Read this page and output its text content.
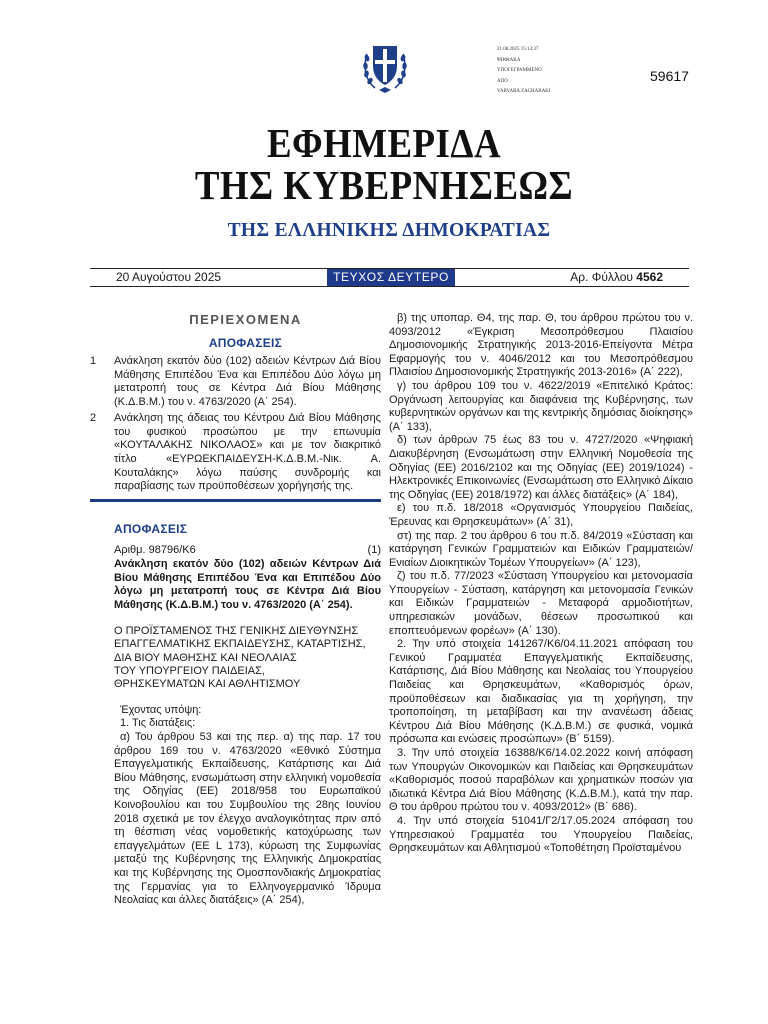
21.08.2025 15:13:37
ΨΗΦΙΑΚΑ
ΥΠΟΓΕΓΡΑΜΜΕΝΟ
ΑΠΟ
VARVARA ZACHARAKI
59617
ΕΦΗΜΕΡΙΔΑ
ΤΗΣ ΚΥΒΕΡΝΗΣΕΩΣ
ΤΗΣ ΕΛΛΗΝΙΚΗΣ ΔΗΜΟΚΡΑΤΙΑΣ
20 Αυγούστου 2025	ΤΕΥΧΟΣ ΔΕΥΤΕΡΟ	Αρ. Φύλλου 4562
ΠΕΡΙΕΧΟΜΕΝΑ
ΑΠΟΦΑΣΕΙΣ
1 Ανάκληση εκατόν δύο (102) αδειών Κέντρων Διά Βίου Μάθησης Επιπέδου Ένα και Επιπέδου Δύο λόγω μη μετατροπή τους σε Κέντρα Διά Βίου Μάθησης (Κ.Δ.Β.Μ.) του ν. 4763/2020 (Α΄ 254).
2 Ανάκληση της άδειας του Κέντρου Διά Βίου Μάθησης του φυσικού προσώπου με την επωνυμία «ΚΟΥΤΑΛΑΚΗΣ ΝΙΚΟΛΑΟΣ» και με τον διακριτικό τίτλο «ΕΥΡΩΕΚΠΑΙΔΕΥΣΗ-Κ.Δ.Β.Μ.-Νικ. Α. Κουταλάκης» λόγω παύσης συνδρομής και παραβίασης των προϋποθέσεων χορήγησής της.
ΑΠΟΦΑΣΕΙΣ
Αριθμ. 98796/Κ6	(1)
Ανάκληση εκατόν δύο (102) αδειών Κέντρων Διά Βίου Μάθησης Επιπέδου Ένα και Επιπέδου Δύο λόγω μη μετατροπή τους σε Κέντρα Διά Βίου Μάθησης (Κ.Δ.Β.Μ.) του ν. 4763/2020 (Α΄ 254).
Ο ΠΡΟΪΣΤΑΜΕΝΟΣ ΤΗΣ ΓΕΝΙΚΗΣ ΔΙΕΥΘΥΝΣΗΣ
ΕΠΑΓΓΕΛΜΑΤΙΚΗΣ ΕΚΠΑΙΔΕΥΣΗΣ, ΚΑΤΑΡΤΙΣΗΣ,
ΔΙΑ ΒΙΟΥ ΜΑΘΗΣΗΣ ΚΑΙ ΝΕΟΛΑΙΑΣ
ΤΟΥ ΥΠΟΥΡΓΕΙΟΥ ΠΑΙΔΕΙΑΣ,
ΘΡΗΣΚΕΥΜΑΤΩΝ ΚΑΙ ΑΘΛΗΤΙΣΜΟΥ
Έχοντας υπόψη:
1. Τις διατάξεις:
α) Του άρθρου 53 και της περ. α) της παρ. 17 του άρθρου 169 του ν. 4763/2020 «Εθνικό Σύστημα Επαγγελματικής Εκπαίδευσης, Κατάρτισης και Διά Βίου Μάθησης, ενσωμάτωση στην ελληνική νομοθεσία της Οδηγίας (ΕΕ) 2018/958 του Ευρωπαϊκού Κοινοβουλίου και του Συμβουλίου της 28ης Ιουνίου 2018 σχετικά με τον έλεγχο αναλογικότητας πριν από τη θέσπιση νέας νομοθετικής κατοχύρωσης των επαγγελμάτων (ΕΕ L 173), κύρωση της Συμφωνίας μεταξύ της Κυβέρνησης της Ελληνικής Δημοκρατίας και της Κυβέρνησης της Ομοσπονδιακής Δημοκρατίας της Γερμανίας για το Ελληνογερμανικό Ίδρυμα Νεολαίας και άλλες διατάξεις» (Α΄ 254),
β) της υποπαρ. Θ4, της παρ. Θ, του άρθρου πρώτου του ν. 4093/2012 «Έγκριση Μεσοπρόθεσμου Πλαισίου Δημοσιονομικής Στρατηγικής 2013-2016-Επείγοντα Μέτρα Εφαρμογής του ν. 4046/2012 και του Μεσοπρόθεσμου Πλαισίου Δημοσιονομικής Στρατηγικής 2013-2016» (Α΄ 222),
γ) του άρθρου 109 του ν. 4622/2019 «Επιτελικό Κράτος: Οργάνωση λειτουργίας και διαφάνεια της Κυβέρνησης, των κυβερνητικών οργάνων και της κεντρικής δημόσιας διοίκησης» (Α΄ 133),
δ) των άρθρων 75 έως 83 του ν. 4727/2020 «Ψηφιακή Διακυβέρνηση (Ενσωμάτωση στην Ελληνική Νομοθεσία της Οδηγίας (ΕΕ) 2016/2102 και της Οδηγίας (ΕΕ) 2019/1024) - Ηλεκτρονικές Επικοινωνίες (Ενσωμάτωση στο Ελληνικό Δίκαιο της Οδηγίας (ΕΕ) 2018/1972) και άλλες διατάξεις» (Α΄ 184),
ε) του π.δ. 18/2018 «Οργανισμός Υπουργείου Παιδείας, Έρευνας και Θρησκευμάτων» (Α΄ 31),
στ) της παρ. 2 του άρθρου 6 του π.δ. 84/2019 «Σύσταση και κατάργηση Γενικών Γραμματειών και Ειδικών Γραμματειών/Ενιαίων Διοικητικών Τομέων Υπουργείων» (Α΄ 123),
ζ) του π.δ. 77/2023 «Σύσταση Υπουργείου και μετονομασία Υπουργείων - Σύσταση, κατάργηση και μετονομασία Γενικών και Ειδικών Γραμματειών - Μεταφορά αρμοδιοτήτων, υπηρεσιακών μονάδων, θέσεων προσωπικού και εποπτευόμενων φορέων» (Α΄ 130).
2. Την υπό στοιχεία 141267/Κ6/04.11.2021 απόφαση του Γενικού Γραμματέα Επαγγελματικής Εκπαίδευσης, Κατάρτισης, Διά Βίου Μάθησης και Νεολαίας του Υπουργείου Παιδείας και Θρησκευμάτων, «Καθορισμός όρων, προϋποθέσεων και διαδικασίας για τη χορήγηση, την τροποποίηση, τη μεταβίβαση και την ανανέωση άδειας Κέντρου Διά Βίου Μάθησης (Κ.Δ.Β.Μ.) σε φυσικά, νομικά πρόσωπα και ενώσεις προσώπων» (Β΄ 5159).
3. Την υπό στοιχεία 16388/Κ6/14.02.2022 κοινή απόφαση των Υπουργών Οικονομικών και Παιδείας και Θρησκευμάτων «Καθορισμός ποσού παραβόλων και χρηματικών ποσών για ιδιωτικά Κέντρα Διά Βίου Μάθησης (Κ.Δ.Β.Μ.), κατά την παρ. Θ του άρθρου πρώτου του ν. 4093/2012» (Β΄ 686).
4. Την υπό στοιχεία 51041/Γ2/17.05.2024 απόφαση του Υπηρεσιακού Γραμματέα του Υπουργείου Παιδείας, Θρησκευμάτων και Αθλητισμού «Τοποθέτηση Προϊσταμένου
